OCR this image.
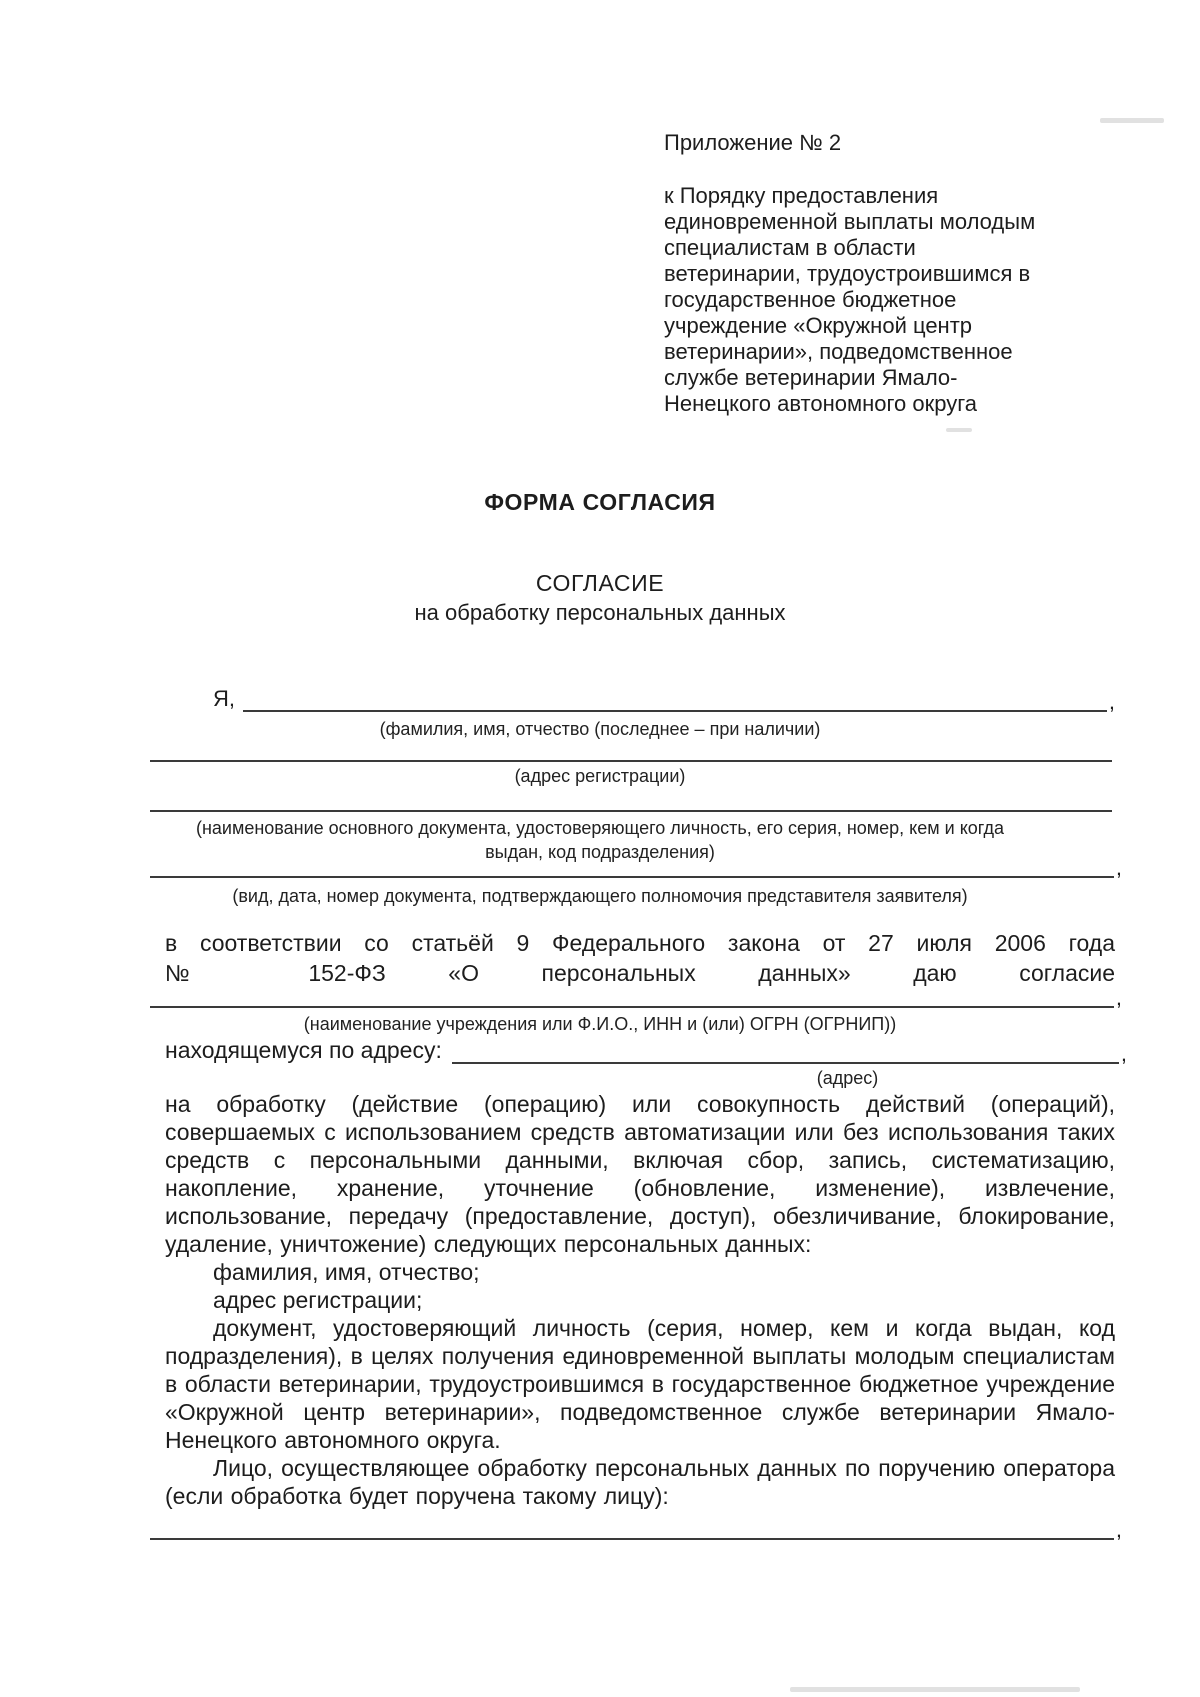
Приложение № 2
к Порядку предоставления единовременной выплаты молодым специалистам в области ветеринарии, трудоустроившимся в государственное бюджетное учреждение «Окружной центр ветеринарии», подведомственное службе ветеринарии Ямало-Ненецкого автономного округа
ФОРМА СОГЛАСИЯ
СОГЛАСИЕ
на обработку персональных данных
Я,	,
(фамилия, имя, отчество (последнее – при наличии)
(адрес регистрации)
(наименование основного документа, удостоверяющего личность, его серия, номер, кем и когда выдан, код подразделения)
,
(вид, дата, номер документа, подтверждающего полномочия представителя заявителя)
в соответствии со статьёй 9 Федерального закона от 27 июля 2006 года
№ 152-ФЗ «О персональных данных» даю согласие
,
(наименование учреждения или Ф.И.О., ИНН и (или) ОГРН (ОГРНИП))
находящемуся по адресу:	,
(адрес)

на обработку (действие (операцию) или совокупность действий (операций), совершаемых с использованием средств автоматизации или без использования таких средств с персональными данными, включая сбор, запись, систематизацию, накопление, хранение, уточнение (обновление, изменение), извлечение, использование, передачу (предоставление, доступ), обезличивание, блокирование, удаление, уничтожение) следующих персональных данных:

фамилия, имя, отчество;
адрес регистрации;

документ, удостоверяющий личность (серия, номер, кем и когда выдан, код подразделения), в целях получения единовременной выплаты молодым специалистам в области ветеринарии, трудоустроившимся в государственное бюджетное учреждение «Окружной центр ветеринарии», подведомственное службе ветеринарии Ямало-Ненецкого автономного округа.

Лицо, осуществляющее обработку персональных данных по поручению оператора (если обработка будет поручена такому лицу):

,
